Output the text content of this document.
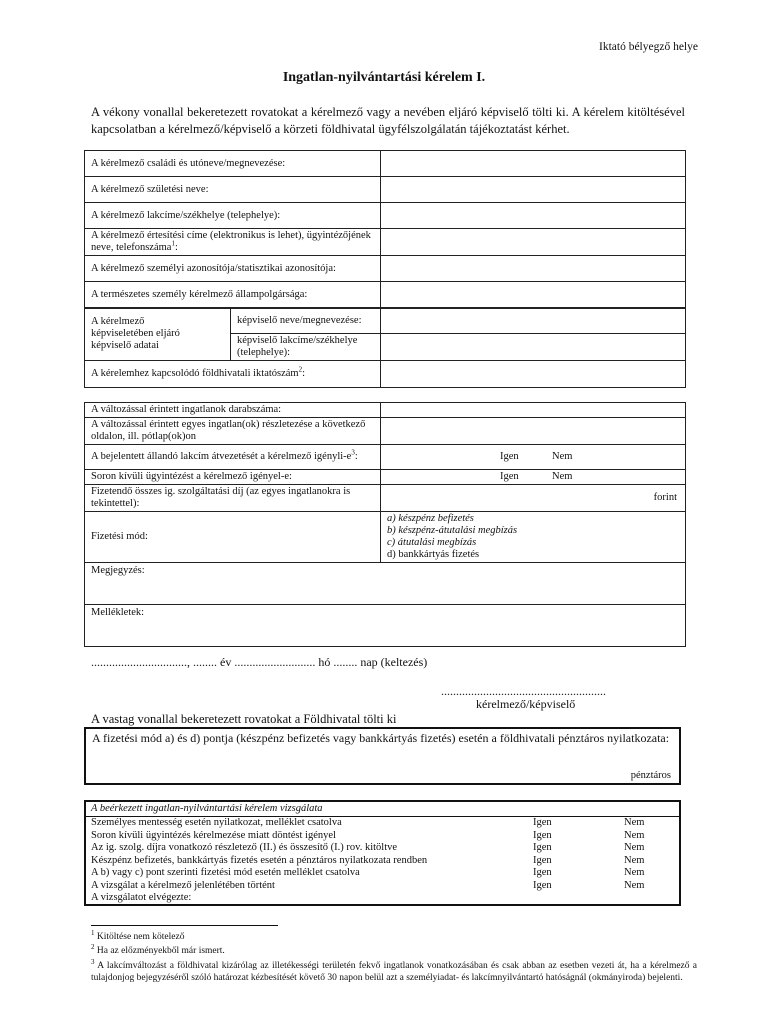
Iktató bélyegző helye
Ingatlan-nyilvántartási kérelem I.
A vékony vonallal bekeretezett rovatokat a kérelmező vagy a nevében eljáró képviselő tölti ki. A kérelem kitöltésével kapcsolatban a kérelmező/képviselő a körzeti földhivatal ügyfélszolgálatán tájékoztatást kérhet.
A kérelmező családi és utóneve/megnevezése:	
A kérelmező születési neve:	
A kérelmező lakcíme/székhelye (telephelye):	
A kérelmező értesítési címe (elektronikus is lehet), ügyintézőjének neve, telefonszáma$^1$:	
A kérelmező személyi azonosítója/statisztikai azonosítója:	
A természetes személy kérelmező állampolgársága:	
A kérelmező képviseletében eljáró képviselő adatai	képviselő neve/megnevezése:	
	képviselő lakcíme/székhelye (telephelye):	
A kérelemhez kapcsolódó földhivatali iktatószám$^2$:		
A változással érintett ingatlanok darabszáma:	
A változással érintett egyes ingatlan(ok) részletezése a következő oldalon, ill. pótlap(ok)on	
A bejelentett állandó lakcím átvezetését a kérelmező igényli-$e^3$:	Igen Nem

Soron kívüli ügyintézést a kérelmező igényel-e:	Igen Nem

Fizetendő összes ig. szolgáltatási díj (az egyes ingatlanokra is tekintettel):	forint
Fizetési mód:	a) készpénz befizetés
b) készpénz-átutalási megbízás
c) átutalási megbízás
d) bankkártyás fizetés

Megjegyzés:	
Mellékletek:	
................................, ........ év ........................... hó ........ nap (keltezés)
.......................................................
kérelmező/képviselő
A vastag vonallal bekeretezett rovatokat a Földhivatal tölti ki
A fizetési mód a) és d) pontja (készpénz befizetés vagy bankkártyás fizetés) esetén a földhivatali pénztáros nyilatkozata:
pénztáros
A beérkezett ingatlan-nyilvántartási kérelem vizsgálata
Személyes mentesség esetén nyilatkozat, melléklet csatolva	Igen	Nem
Soron kívüli ügyintézés kérelmezése miatt döntést igényel	Igen	Nem
Az ig. szolg. díjra vonatkozó részletező (II.) és összesítő (I.) rov. kitöltve	Igen	Nem
Készpénz befizetés, bankkártyás fizetés esetén a pénztáros nyilatkozata rendben	Igen	Nem
A b) vagy c) pont szerinti fizetési mód esetén melléklet csatolva	Igen	Nem
A vizsgálat a kérelmező jelenlétében történt	Igen	Nem
A vizsgálatot elvégezte:
$^1$ Kitöltése nem kötelező
$^2$ Ha az előzményekből már ismert.
$^3$ A lakcímváltozást a földhivatal kizárólag az illetékességi területén fekvő ingatlanok vonatkozásában és csak abban az esetben vezeti át, ha a kérelmező a tulajdonjog bejegyzéséről szóló határozat kézbesítését követő 30 napon belül azt a személyiadat- és lakcímnyilvántartó hatóságnál (okmányiroda) bejelenti.
